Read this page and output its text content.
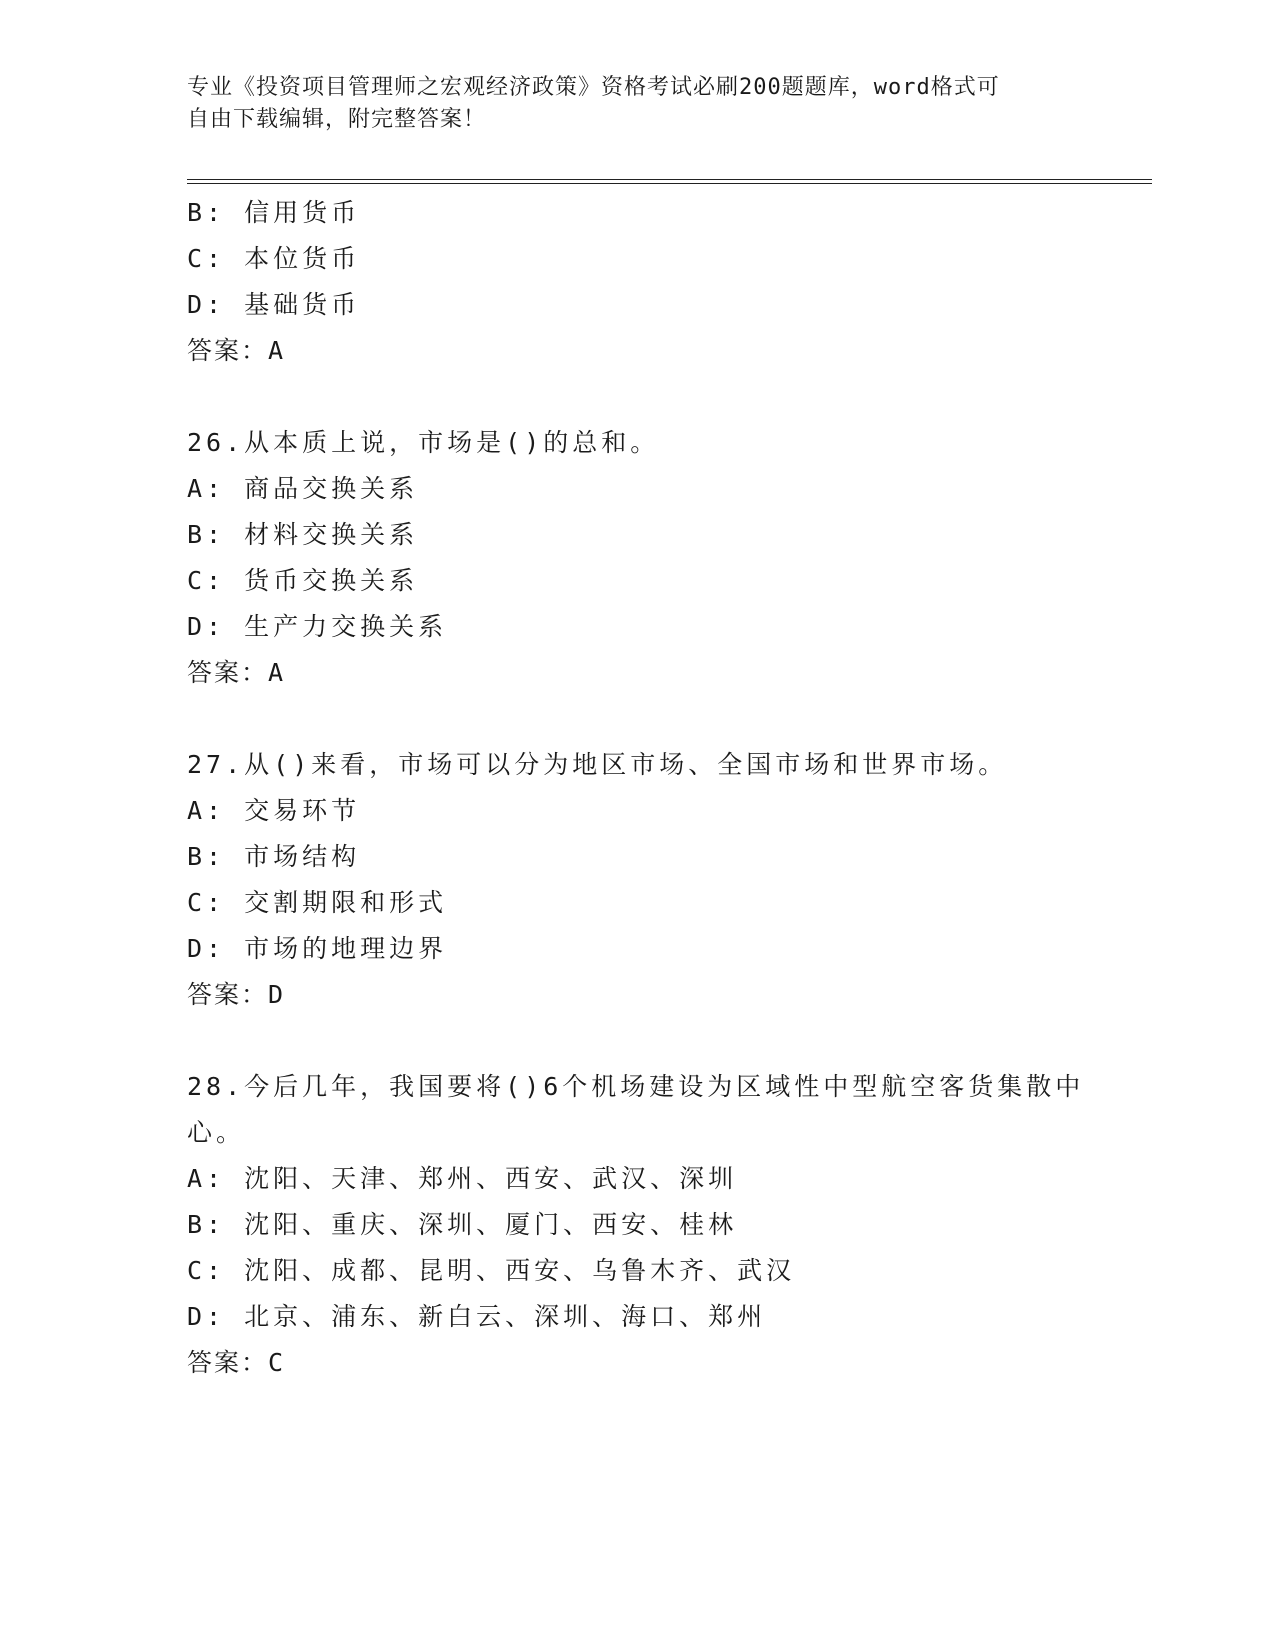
专业《投资项目管理师之宏观经济政策》资格考试必刷200题题库，word格式可
自由下载编辑，附完整答案！
B: 信用货币
C: 本位货币
D: 基础货币
答案：A
26.从本质上说，市场是()的总和。
A: 商品交换关系
B: 材料交换关系
C: 货币交换关系
D: 生产力交换关系
答案：A
27.从()来看，市场可以分为地区市场、全国市场和世界市场。
A: 交易环节
B: 市场结构
C: 交割期限和形式
D: 市场的地理边界
答案：D
28.今后几年，我国要将()6个机场建设为区域性中型航空客货集散中
心。
A: 沈阳、天津、郑州、西安、武汉、深圳
B: 沈阳、重庆、深圳、厦门、西安、桂林
C: 沈阳、成都、昆明、西安、乌鲁木齐、武汉
D: 北京、浦东、新白云、深圳、海口、郑州
答案：C
